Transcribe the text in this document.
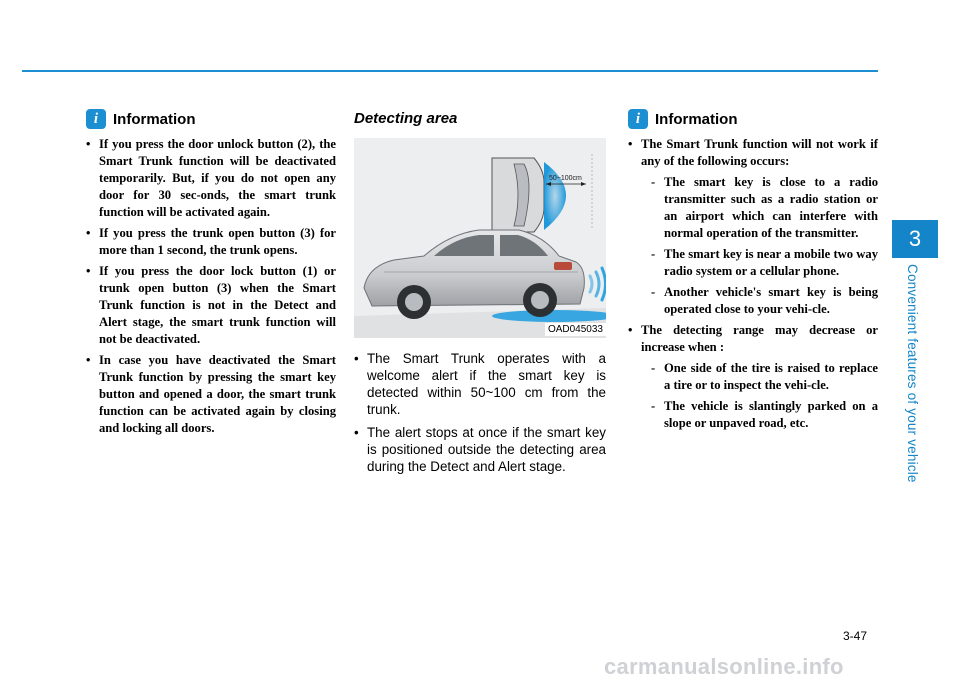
3
Convenient features of your vehicle
i Information
• If you press the door unlock button (2), the Smart Trunk function will be deactivated temporarily. But, if you do not open any door for 30 sec-onds, the smart trunk function will be activated again.
• If you press the trunk open button (3) for more than 1 second, the trunk opens.
• If you press the door lock button (1) or trunk open button (3) when the Smart Trunk function is not in the Detect and Alert stage, the smart trunk function will not be deactivated.
• In case you have deactivated the Smart Trunk function by pressing the smart key button and opened a door, the smart trunk function can be activated again by closing and locking all doors.
Detecting area
50~100cm
OAD045033
• The Smart Trunk operates with a welcome alert if the smart key is detected within 50~100 cm from the trunk.
• The alert stops at once if the smart key is positioned outside the detecting area during the Detect and Alert stage.
i Information
• The Smart Trunk function will not work if any of the following occurs:
- The smart key is close to a radio transmitter such as a radio station or an airport which can interfere with normal operation of the transmitter.
- The smart key is near a mobile two way radio system or a cellular phone.
- Another vehicle's smart key is being operated close to your vehi-cle.
• The detecting range may decrease or increase when :
- One side of the tire is raised to replace a tire or to inspect the vehi-cle.
- The vehicle is slantingly parked on a slope or unpaved road, etc.
3-47
carmanualsonline.info
